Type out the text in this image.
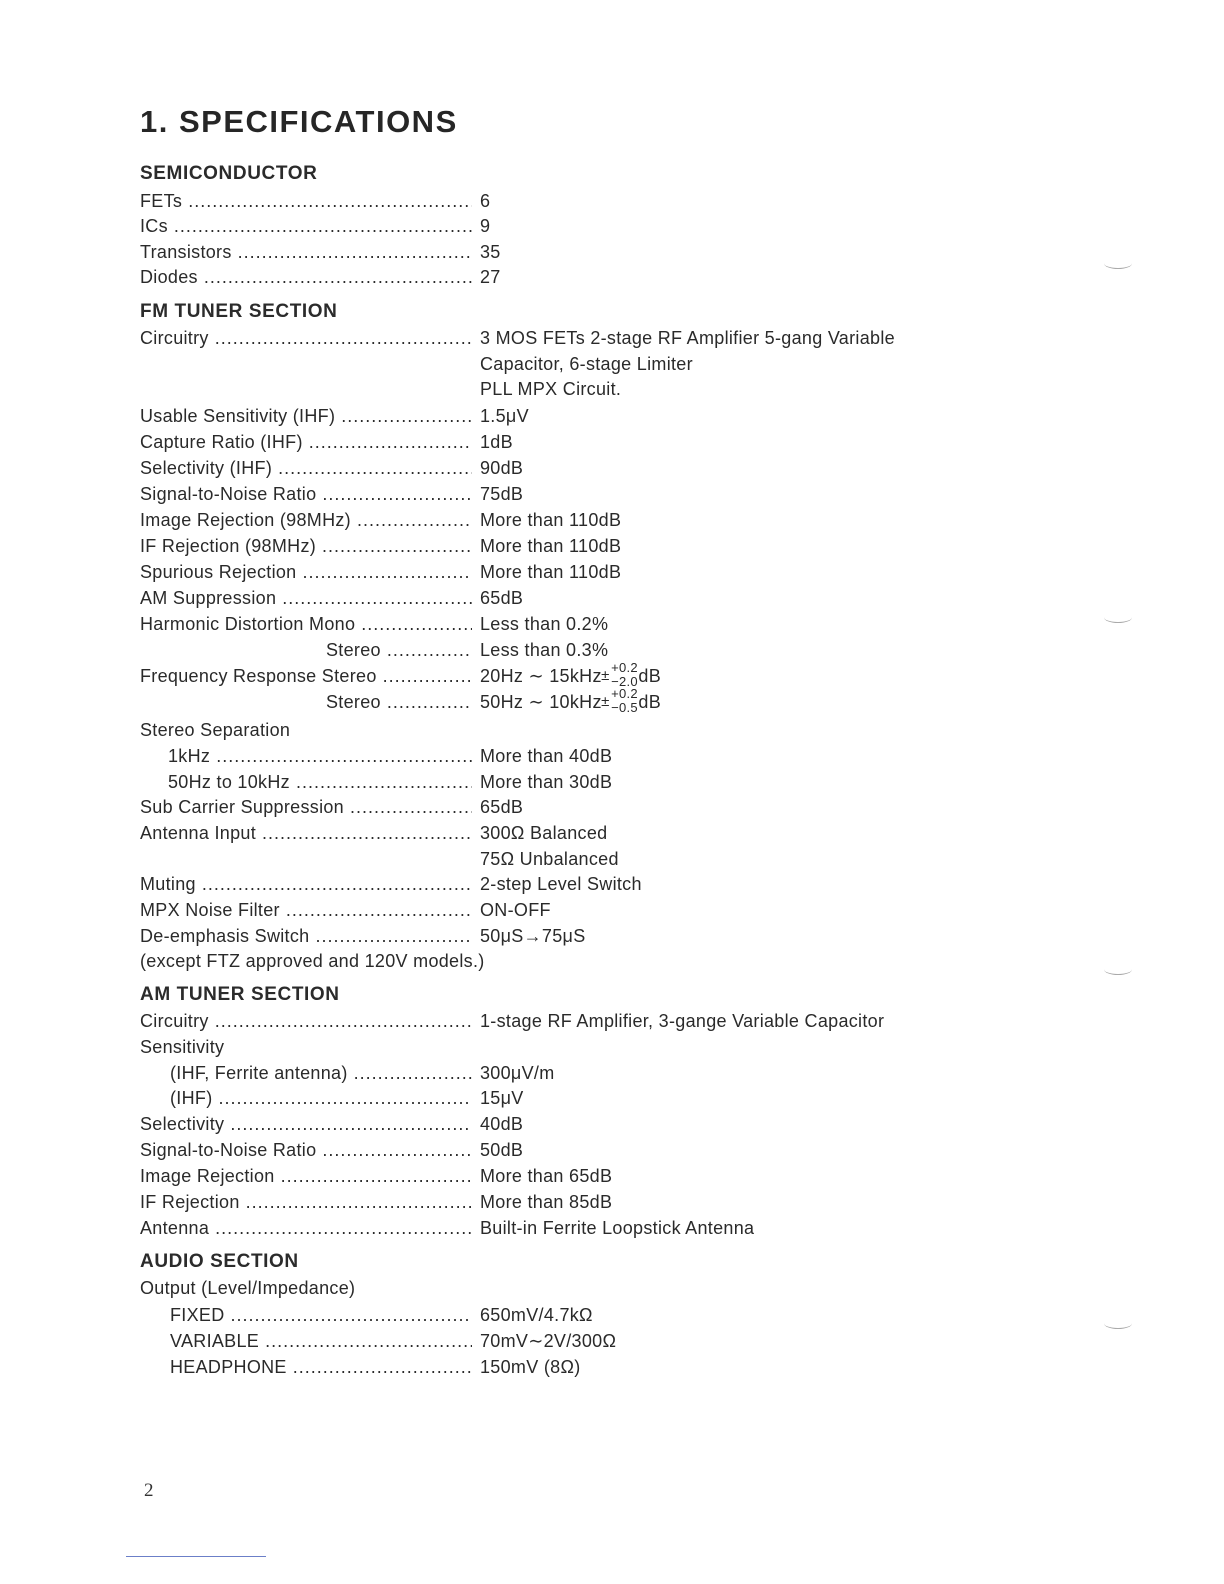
1. SPECIFICATIONS
SEMICONDUCTOR
FETs .....	6
ICs .....	9
Transistors .....	35
Diodes .....	27
FM TUNER SECTION
Circuitry .....	3 MOS FETs 2-stage RF Amplifier 5-gang Variable
Capacitor, 6-stage Limiter
PLL MPX Circuit.
Usable Sensitivity (IHF) .....	1.5μV
Capture Ratio (IHF) .....	1dB
Selectivity (IHF) .....	90dB
Signal-to-Noise Ratio .....	75dB
Image Rejection (98MHz) .....	More than 110dB
IF Rejection (98MHz) .....	More than 110dB
Spurious Rejection .....	More than 110dB
AM Suppression .....	65dB
Harmonic Distortion Mono .....	Less than 0.2%
Stereo .....	Less than 0.3%
Frequency Response Stereo .....	20Hz ∼ 15kHz ± +0.2
−2.0 dB
Stereo .....	50Hz ∼ 10kHz ± +0.2
−0.5 dB
Stereo Separation
1kHz .....	More than 40dB
50Hz to 10kHz .....	More than 30dB
Sub Carrier Suppression .....	65dB
Antenna Input .....	300Ω Balanced
75Ω Unbalanced
Muting .....	2-step Level Switch
MPX Noise Filter .....	ON-OFF
De-emphasis Switch .....	50μS→75μS
(except FTZ approved and 120V models.)
AM TUNER SECTION
Circuitry .....	1-stage RF Amplifier, 3-gange Variable Capacitor
Sensitivity
(IHF, Ferrite antenna) .....	300μV/m
(IHF) .....	15μV
Selectivity .....	40dB
Signal-to-Noise Ratio .....	50dB
Image Rejection .....	More than 65dB
IF Rejection .....	More than 85dB
Antenna .....	Built-in Ferrite Loopstick Antenna
AUDIO SECTION
Output (Level/Impedance)
FIXED .....	650mV/4.7kΩ
VARIABLE .....	70mV∼2V/300Ω
HEADPHONE .....	150mV (8Ω)
2
